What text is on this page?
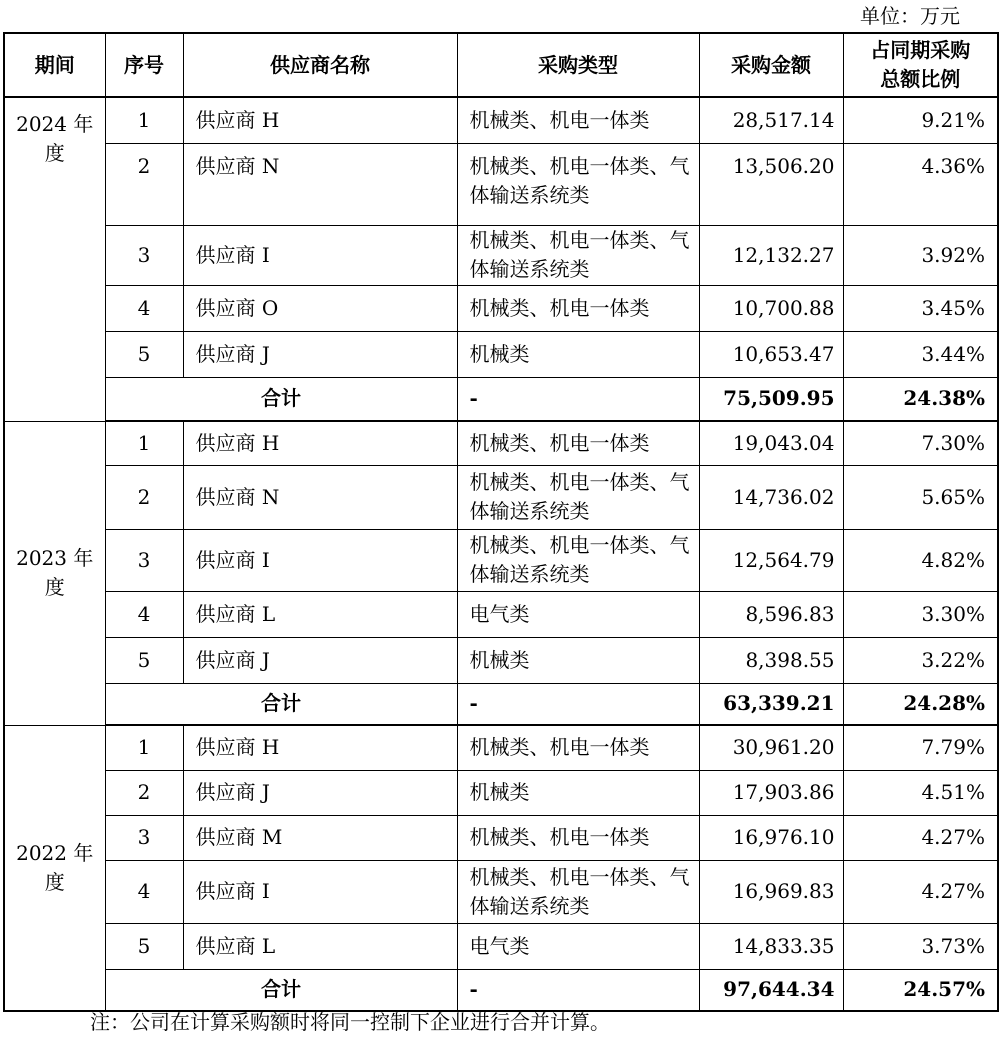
单位：万元
期间	序号	供应商名称	采购类型	采购金额	占同期采购总额比例
2024 年度	1	供应商 H	机械类、机电一体类	28,517.14	9.21%
	2	供应商 N	机械类、机电一体类、气体输送系统类	13,506.20	4.36%
	3	供应商 I	机械类、机电一体类、气体输送系统类	12,132.27	3.92%
	4	供应商 O	机械类、机电一体类	10,700.88	3.45%
	5	供应商 J	机械类	10,653.47	3.44%
	合计		-	75,509.95	24.38%
2023 年度	1	供应商 H	机械类、机电一体类	19,043.04	7.30%
	2	供应商 N	机械类、机电一体类、气体输送系统类	14,736.02	5.65%
	3	供应商 I	机械类、机电一体类、气体输送系统类	12,564.79	4.82%
	4	供应商 L	电气类	8,596.83	3.30%
	5	供应商 J	机械类	8,398.55	3.22%
	合计		-	63,339.21	24.28%
2022 年度	1	供应商 H	机械类、机电一体类	30,961.20	7.79%
	2	供应商 J	机械类	17,903.86	4.51%
	3	供应商 M	机械类、机电一体类	16,976.10	4.27%
	4	供应商 I	机械类、机电一体类、气体输送系统类	16,969.83	4.27%
	5	供应商 L	电气类	14,833.35	3.73%
	合计		-	97,644.34	24.57%
注：公司在计算采购额时将同一控制下企业进行合并计算。
